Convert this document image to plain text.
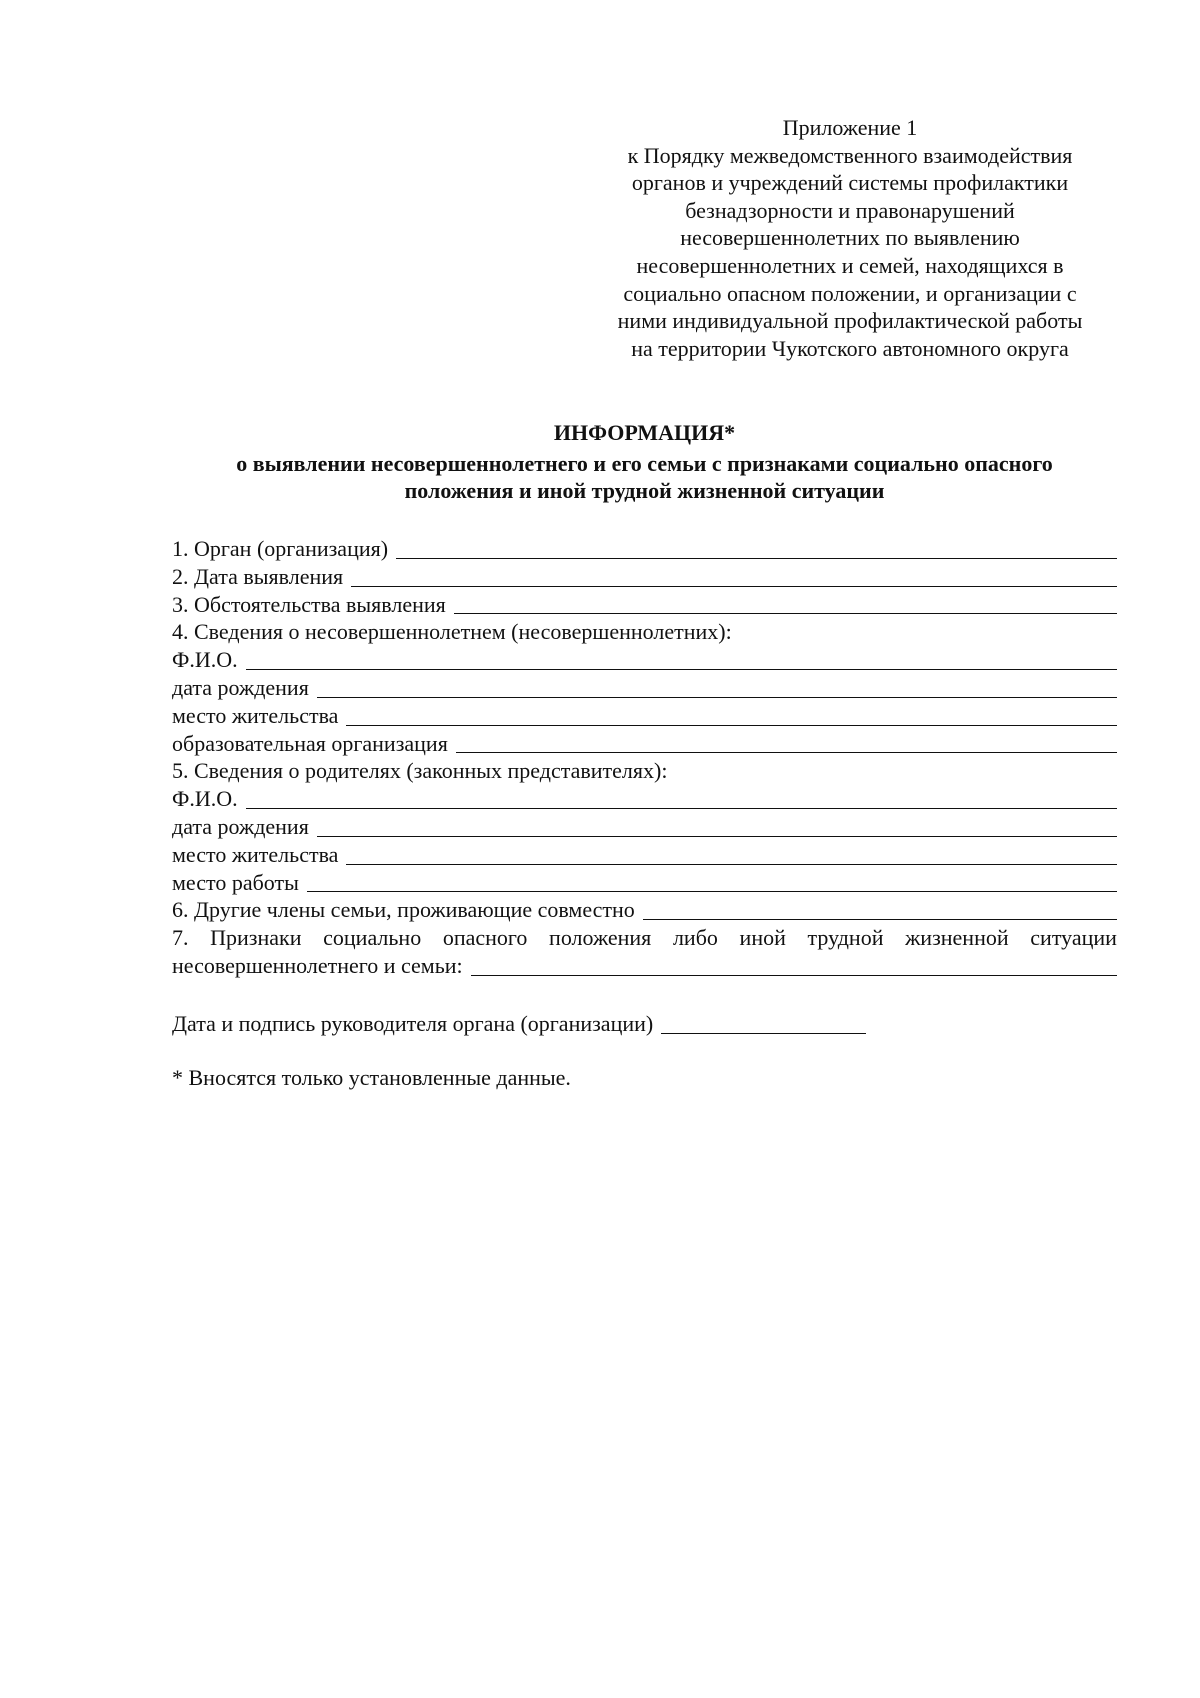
Приложение 1
к Порядку межведомственного взаимодействия
органов и учреждений системы профилактики
безнадзорности и правонарушений
несовершеннолетних по выявлению
несовершеннолетних и семей, находящихся в
социально опасном положении, и организации с
ними индивидуальной профилактической работы
на территории Чукотского автономного округа
ИНФОРМАЦИЯ*
о выявлении несовершеннолетнего и его семьи с признаками социально опасного
положения и иной трудной жизненной ситуации
1. Орган (организация)
2. Дата выявления
3. Обстоятельства выявления
4. Сведения о несовершеннолетнем (несовершеннолетних):
Ф.И.О.
дата рождения
место жительства
образовательная организация
5. Сведения о родителях (законных представителях):
Ф.И.О.
дата рождения
место жительства
место работы
6. Другие члены семьи, проживающие совместно
7. Признаки социально опасного положения либо иной трудной жизненной ситуации
несовершеннолетнего и семьи:
Дата и подпись руководителя органа (организации)
* Вносятся только установленные данные.
